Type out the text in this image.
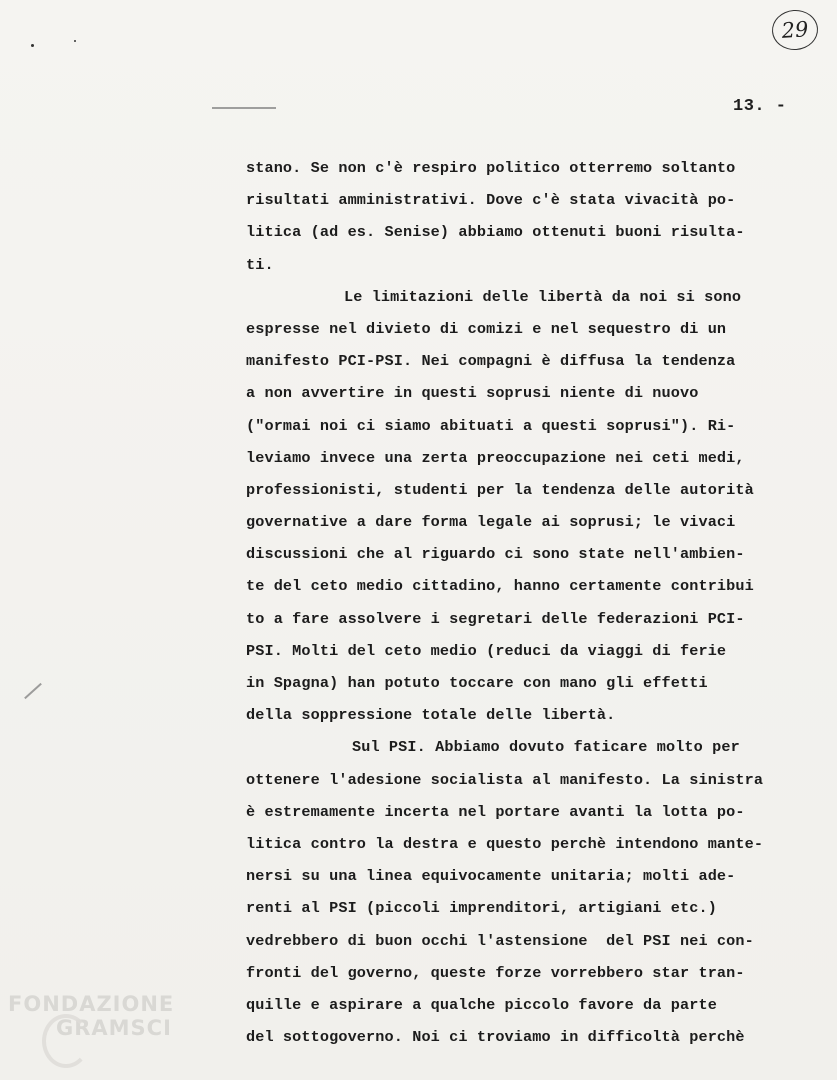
29
13. -
stano. Se non c'è respiro politico otterremo soltanto
risultati amministrativi. Dove c'è stata vivacità po-
litica (ad es. Senise) abbiamo ottenuti buoni risulta-
ti.
Le limitazioni delle libertà da noi si sono
espresse nel divieto di comizi e nel sequestro di un
manifesto PCI-PSI. Nei compagni è diffusa la tendenza
a non avvertire in questi soprusi niente di nuovo
("ormai noi ci siamo abituati a questi soprusi"). Ri-
leviamo invece una zerta preoccupazione nei ceti medi,
professionisti, studenti per la tendenza delle autorità
governative a dare forma legale ai soprusi; le vivaci
discussioni che al riguardo ci sono state nell'ambien-
te del ceto medio cittadino, hanno certamente contribui
to a fare assolvere i segretari delle federazioni PCI-
PSI. Molti del ceto medio (reduci da viaggi di ferie
in Spagna) han potuto toccare con mano gli effetti
della soppressione totale delle libertà.
Sul PSI. Abbiamo dovuto faticare molto per
ottenere l'adesione socialista al manifesto. La sinistra
è estremamente incerta nel portare avanti la lotta po-
litica contro la destra e questo perchè intendono mante-
nersi su una linea equivocamente unitaria; molti ade-
renti al PSI (piccoli imprenditori, artigiani etc.)
vedrebbero di buon occhi l'astensione  del PSI nei con-
fronti del governo, queste forze vorrebbero star tran-
quille e aspirare a qualche piccolo favore da parte
del sottogoverno. Noi ci troviamo in difficoltà perchè
FONDAZIONE
GRAMSCI
